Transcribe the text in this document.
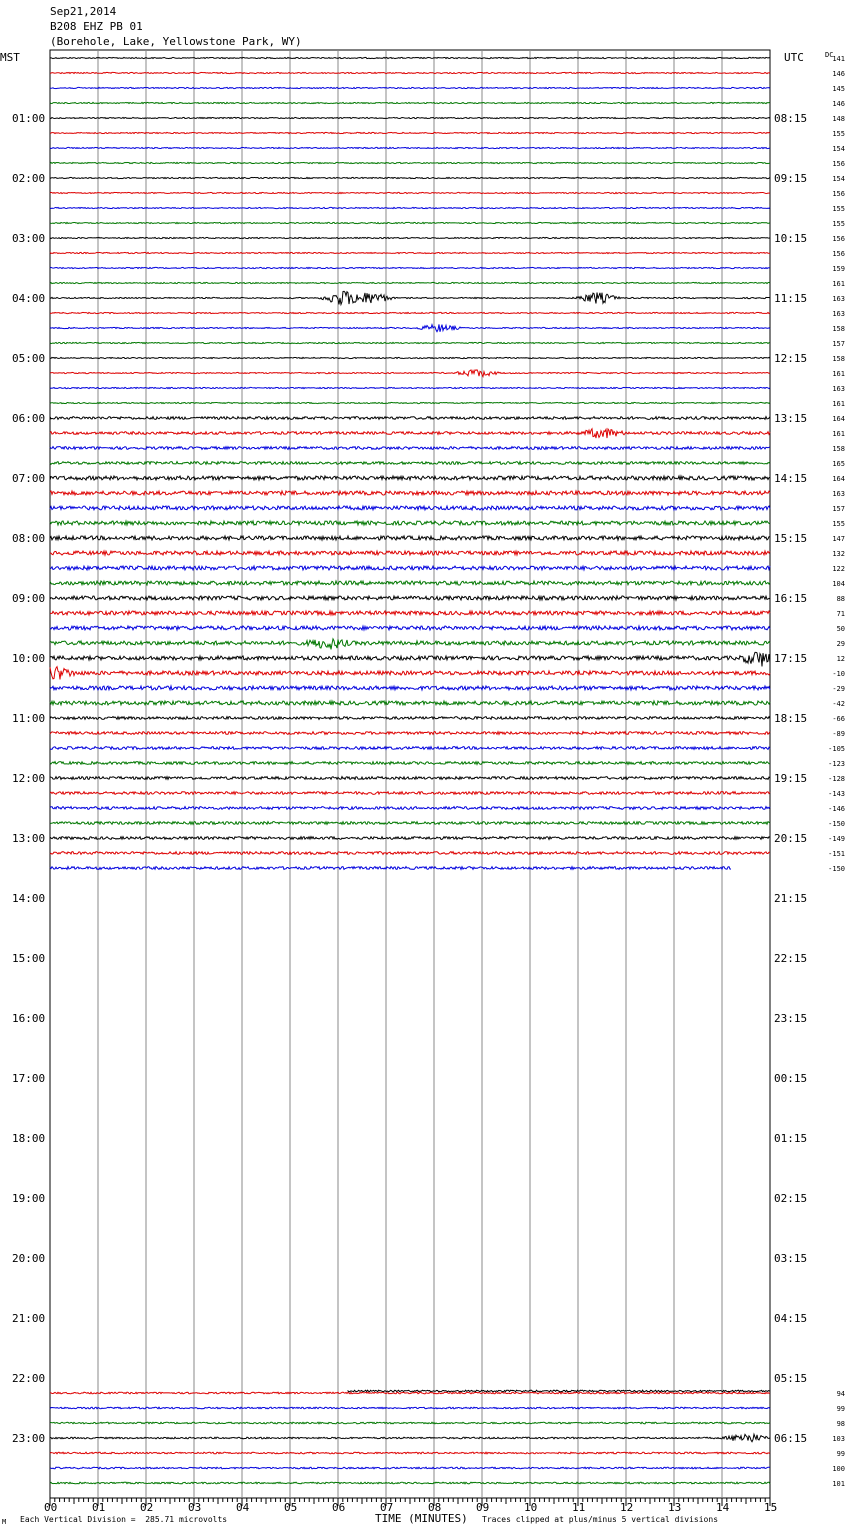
Sep21,2014
B208 EHZ PB 01
(Borehole, Lake, Yellowstone Park, WY)
00	01	02	03	04	05	06	07	08	09	10	11	12	13	14	15
01:00	08:15
02:00	09:15
03:00	10:15
04:00	11:15
05:00	12:15
06:00	13:15
07:00	14:15
08:00	15:15
09:00	16:15
10:00	17:15
11:00	18:15
12:00	19:15
13:00	20:15
14:00	21:15
15:00	22:15
16:00	23:15
17:00	00:15
18:00	01:15
19:00	02:15
20:00	03:15
21:00	04:15
22:00	05:15
23:00	06:15
141
146
145
146
148
155
154
156
154
156
155
155
156
156
159
161
163
163
158
157
158
161
163
161
164
161
158
165
164
163
157
155
147
132
122
104
88
71
50
29
12
-10
-29
-42
-66
-89
-105
-123
-128
-143
-146
-150
-149
-151
-150
94
99
98
103
99
100
101
MST	UTC	DC
M Each Vertical Division =  285.71 microvolts	TIME (MINUTES) Traces clipped at plus/minus 5 vertical divisions
